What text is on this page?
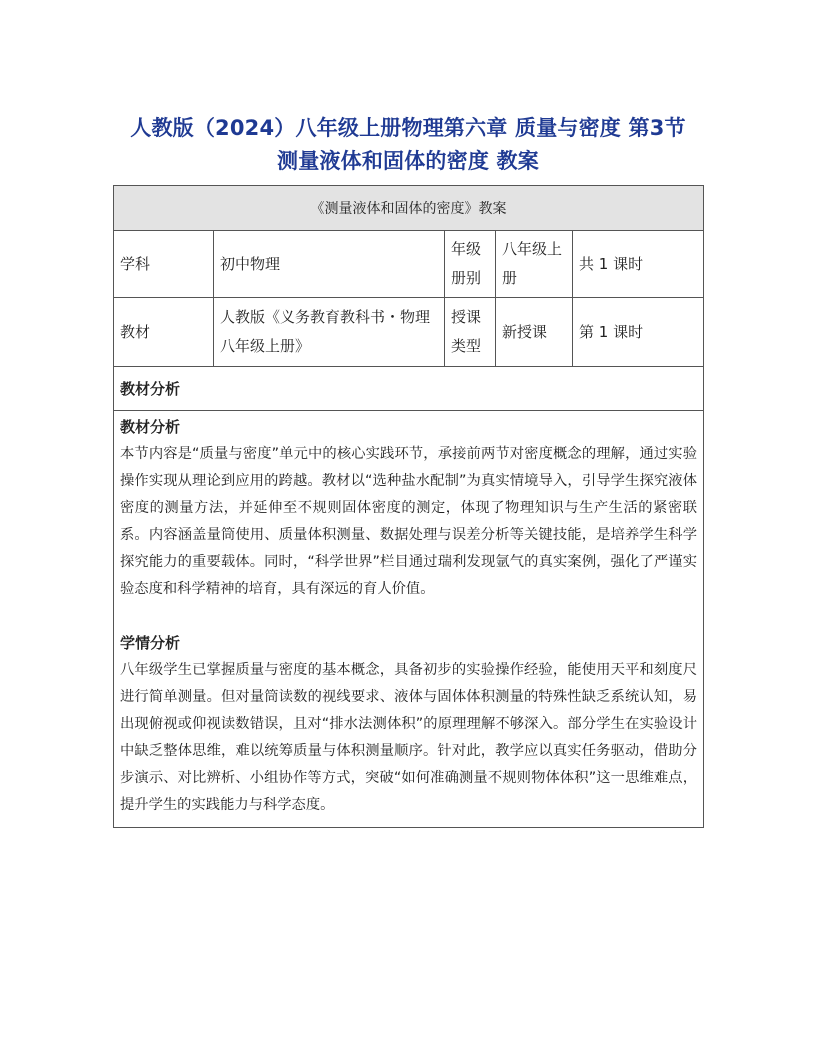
人教版（2024）八年级上册物理第六章 质量与密度 第3节
测量液体和固体的密度 教案
《测量液体和固体的密度》教案				
学科	初中物理	年级册别	八年级上册	共 1 课时
教材	人教版《义务教育教科书・物理八年级上册》	授课类型	新授课	第 1 课时
教材分析				

教材分析

本节内容是“质量与密度”单元中的核心实践环节，承接前两节对密度概念的理解，通过实验操作实现从理论到应用的跨越。教材以“选种盐水配制”为真实情境导入，引导学生探究液体密度的测量方法，并延伸至不规则固体密度的测定，体现了物理知识与生产生活的紧密联系。内容涵盖量筒使用、质量体积测量、数据处理与误差分析等关键技能，是培养学生科学探究能力的重要载体。同时，“科学世界”栏目通过瑞利发现氩气的真实案例，强化了严谨实验态度和科学精神的培育，具有深远的育人价值。

学情分析

八年级学生已掌握质量与密度的基本概念，具备初步的实验操作经验，能使用天平和刻度尺进行简单测量。但对量筒读数的视线要求、液体与固体体积测量的特殊性缺乏系统认知，易出现俯视或仰视读数错误，且对“排水法测体积”的原理理解不够深入。部分学生在实验设计中缺乏整体思维，难以统筹质量与体积测量顺序。针对此，教学应以真实任务驱动，借助分步演示、对比辨析、小组协作等方式，突破“如何准确测量不规则物体体积”这一思维难点，提升学生的实践能力与科学态度。				
